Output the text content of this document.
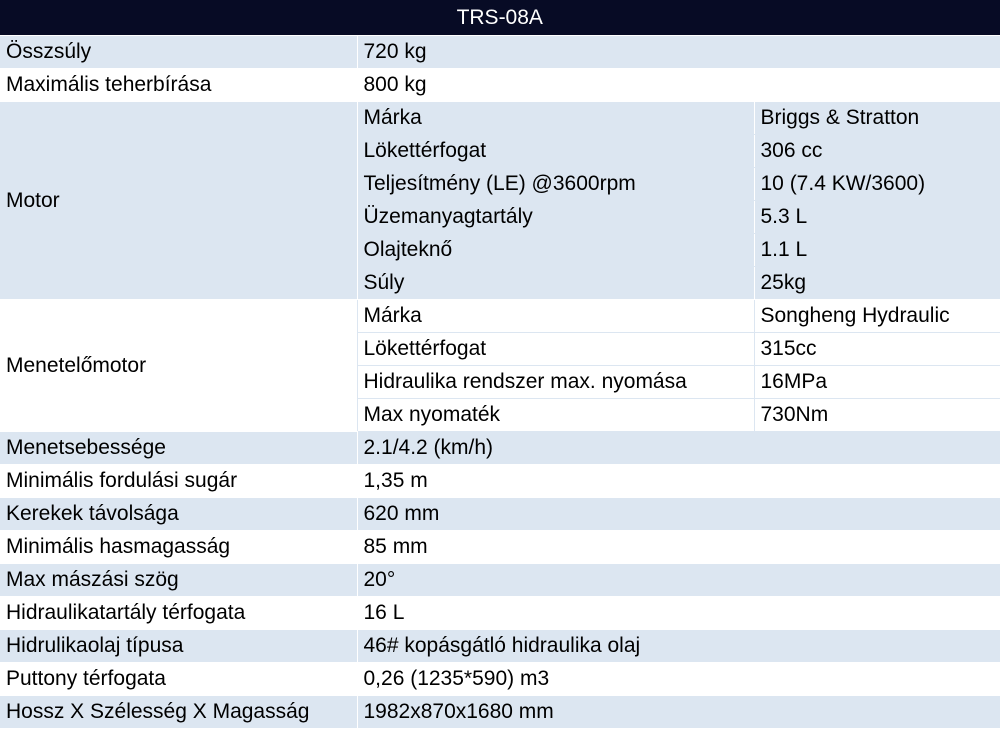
TRS-08A		
Összsúly	720 kg	
Maximális teherbírása	800 kg	
Motor	Márka	Briggs & Stratton
	Lökettérfogat	306 cc
	Teljesítmény (LE) @3600rpm	10 (7.4 KW/3600)
	Üzemanyagtartály	5.3 L
	Olajteknő	1.1 L
	Súly	25kg
Menetelőmotor	Márka	Songheng Hydraulic
	Lökettérfogat	315cc
	Hidraulika rendszer max. nyomása	16MPa
	Max nyomaték	730Nm
Menetsebessége	2.1/4.2 (km/h)	
Minimális fordulási sugár	1,35 m	
Kerekek távolsága	620 mm	
Minimális hasmagasság	85 mm	
Max mászási szög	20°	
Hidraulikatartály térfogata	16 L	
Hidrulikaolaj típusa	46# kopásgátló hidraulika olaj	
Puttony térfogata	0,26 (1235*590) m3	
Hossz X Szélesség X Magasság	1982x870x1680 mm	
